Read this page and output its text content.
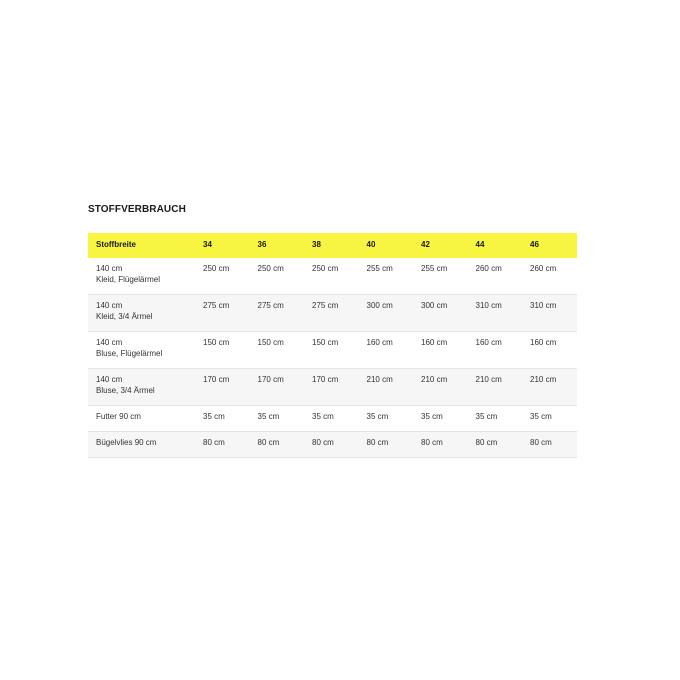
STOFFVERBRAUCH
Stoffbreite	34	36	38	40	42	44	46

140 cm
Kleid, Flügelärmel	250 cm	250 cm	250 cm	255 cm	255 cm	260 cm	260 cm

140 cm
Kleid, 3/4 Ärmel	275 cm	275 cm	275 cm	300 cm	300 cm	310 cm	310 cm

140 cm
Bluse, Flügelärmel	150 cm	150 cm	150 cm	160 cm	160 cm	160 cm	160 cm

140 cm
Bluse, 3/4 Ärmel	170 cm	170 cm	170 cm	210 cm	210 cm	210 cm	210 cm

Futter 90 cm	35 cm	35 cm	35 cm	35 cm	35 cm	35 cm	35 cm

Bügelvlies 90 cm	80 cm	80 cm	80 cm	80 cm	80 cm	80 cm	80 cm
